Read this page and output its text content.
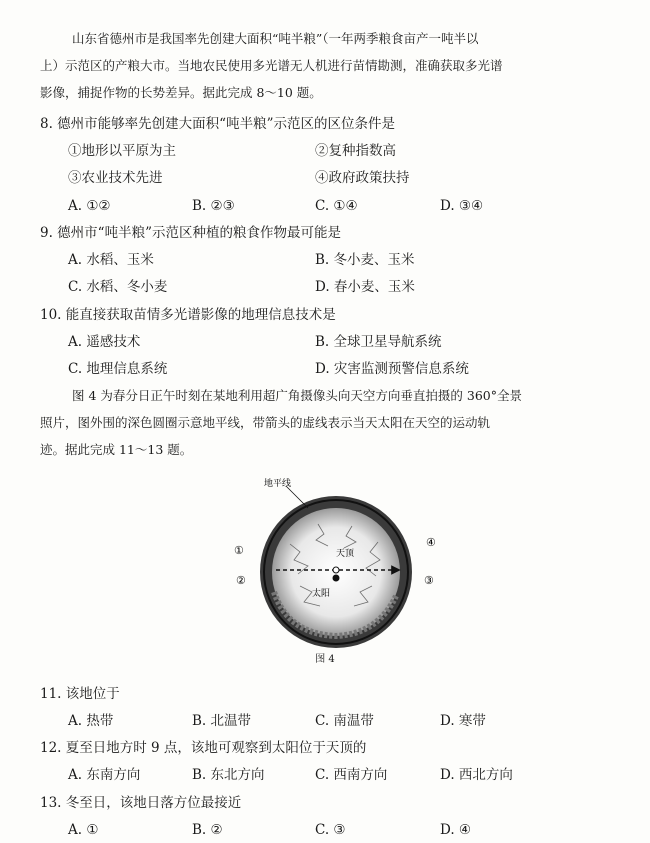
山东省德州市是我国率先创建大面积“吨半粮”（一年两季粮食亩产一吨半以
上）示范区的产粮大市。当地农民使用多光谱无人机进行苗情勘测，准确获取多光谱
影像，捕捉作物的长势差异。据此完成 8～10 题。
8. 德州市能够率先创建大面积“吨半粮”示范区的区位条件是
①地形以平原为主	②复种指数高
③农业技术先进	④政府政策扶持
A. ①②	B. ②③	C. ①④	D. ③④
9. 德州市“吨半粮”示范区种植的粮食作物最可能是
A. 水稻、玉米	B. 冬小麦、玉米
C. 水稻、冬小麦	D. 春小麦、玉米
10. 能直接获取苗情多光谱影像的地理信息技术是
A. 遥感技术	B. 全球卫星导航系统
C. 地理信息系统	D. 灾害监测预警信息系统
图 4 为春分日正午时刻在某地利用超广角摄像头向天空方向垂直拍摄的 360°全景
照片，图外围的深色圆圈示意地平线，带箭头的虚线表示当天太阳在天空的运动轨
迹。据此完成 11～13 题。
地平线
天顶
太阳
①
②	③
④
图 4
11. 该地位于
A. 热带	B. 北温带	C. 南温带	D. 寒带
12. 夏至日地方时 9 点，该地可观察到太阳位于天顶的
A. 东南方向	B. 东北方向	C. 西南方向	D. 西北方向
13. 冬至日，该地日落方位最接近
A. ①	B. ②	C. ③	D. ④
